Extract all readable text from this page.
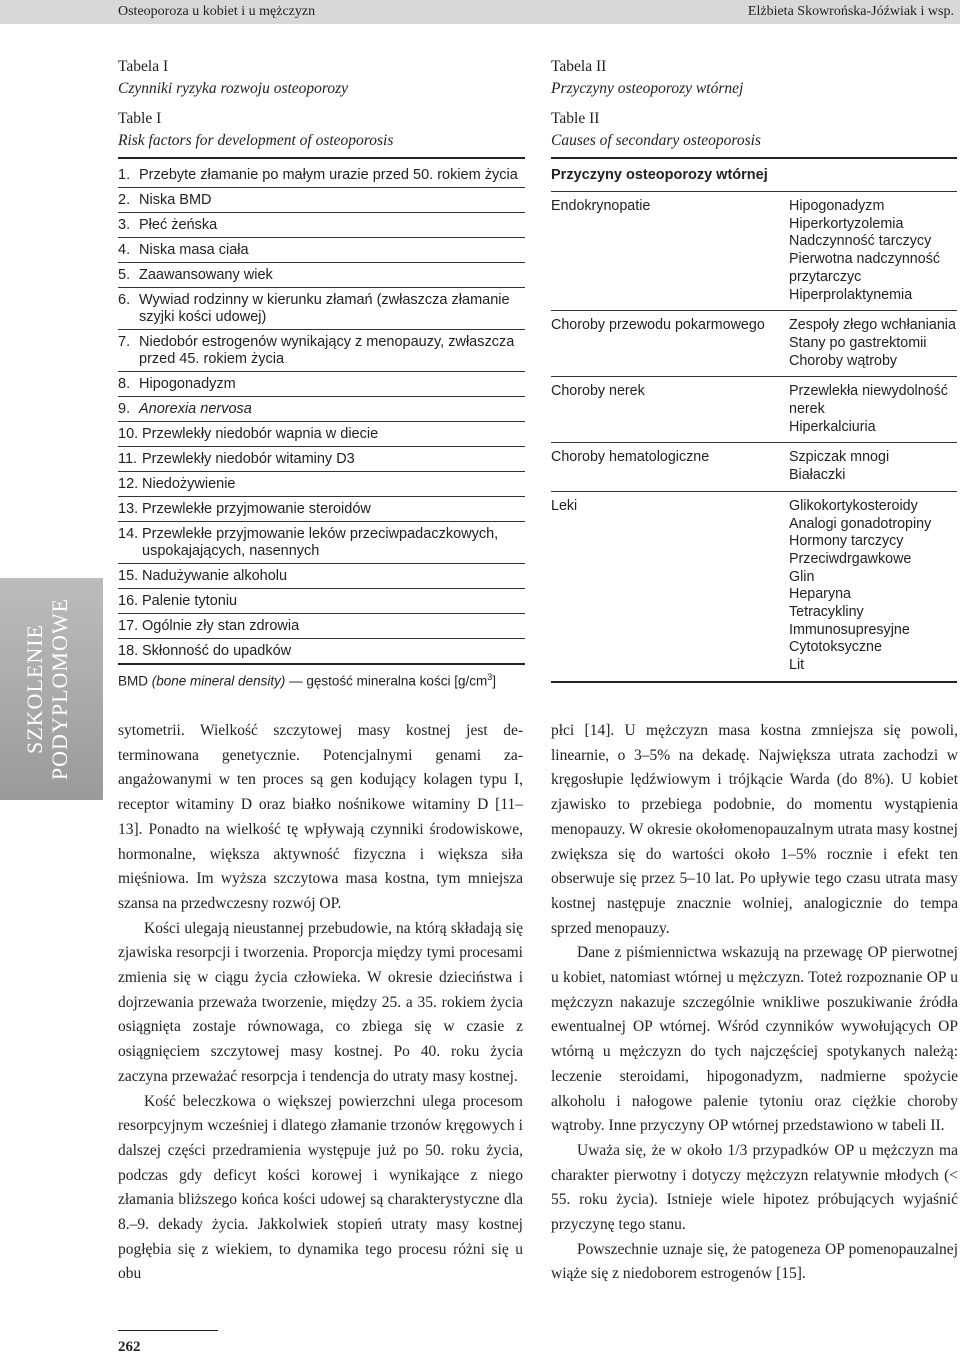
Osteoporoza u kobiet i u mężczyzn	Elżbieta Skowrońska-Jóźwiak i wsp.
Tabela I
Czynniki ryzyka rozwoju osteoporozy
Table I
Risk factors for development of osteoporosis
1. Przebyte złamanie po małym urazie przed 50. rokiem życia
2. Niska BMD
3. Płeć żeńska
4. Niska masa ciała
5. Zaawansowany wiek
6. Wywiad rodzinny w kierunku złamań (zwłaszcza złamanie szyjki kości udowej)
7. Niedobór estrogenów wynikający z menopauzy, zwłaszcza przed 45. rokiem życia
8. Hipogonadyzm
9. Anorexia nervosa
10. Przewlekły niedobór wapnia w diecie
11. Przewlekły niedobór witaminy D3
12. Niedożywienie
13. Przewlekłe przyjmowanie steroidów
14. Przewlekłe przyjmowanie leków przeciwpadaczkowych, uspokajających, nasennych
15. Nadużywanie alkoholu
16. Palenie tytoniu
17. Ogólnie zły stan zdrowia
18. Skłonność do upadków
BMD (bone mineral density) — gęstość mineralna kości $[g/cm^3]$
Tabela II
Przyczyny osteoporozy wtórnej
Table II
Causes of secondary osteoporosis
Przyczyny osteoporozy wtórnej
Endokrynopatie	Hipogonadyzm
Hiperkortyzolemia
Nadczynność tarczycy
Pierwotna nadczynność przytarczyc
Hiperprolaktynemia
Choroby przewodu pokarmowego	Zespoły złego wchłaniania
Stany po gastrektomii
Choroby wątroby
Choroby nerek	Przewlekła niewydolność nerek
Hiperkalciuria
Choroby hematologiczne	Szpiczak mnogi
Białaczki
Leki	Glikokortykosteroidy
Analogi gonadotropiny
Hormony tarczycy
Przeciwdrgawkowe
Glin
Heparyna
Tetracykliny
Immunosupresyjne
Cytotoksyczne
Lit
SZKOLENIE PODYPLOMOWE	sytometrii. Wielkość szczytowej masy kostnej jest determinowana genetycznie. Potencjalnymi genami zaangażowanymi w ten proces są gen kodujący kolagen typu I, receptor witaminy D oraz białko nośnikowe witaminy D [11–13]. Ponadto na wielkość tę wpływają czynniki środowiskowe, hormonalne, większa aktywność fizyczna i większa siła mięśniowa. Im wyższa szczytowa masa kostna, tym mniejsza szansa na przedwczesny rozwój OP.

Kości ulegają nieustannej przebudowie, na którą składają się zjawiska resorpcji i tworzenia. Proporcja między tymi procesami zmienia się w ciągu życia człowieka. W okresie dzieciństwa i dojrzewania przeważa tworzenie, między 25. a 35. rokiem życia osiągnięta zostaje równowaga, co zbiega się w czasie z osiągnięciem szczytowej masy kostnej. Po 40. roku życia zaczyna przeważać resorpcja i tendencja do utraty masy kostnej.

Kość beleczkowa o większej powierzchni ulega procesom resorpcyjnym wcześniej i dlatego złamanie trzonów kręgowych i dalszej części przedramienia występuje już po 50. roku życia, podczas gdy deficyt kości korowej i wynikające z niego złamania bliższego końca kości udowej są charakterystyczne dla 8.–9. dekady życia. Jakkolwiek stopień utraty masy kostnej pogłębia się z wiekiem, to dynamika tego procesu różni się u obu

płci [14]. U mężczyzn masa kostna zmniejsza się powoli, linearnie, o 3–5% na dekadę. Największa utrata zachodzi w kręgosłupie lędźwiowym i trójkącie Warda (do 8%). U kobiet zjawisko to przebiega podobnie, do momentu wystąpienia menopauzy. W okresie okołomenopauzalnym utrata masy kostnej zwiększa się do wartości około 1–5% rocznie i efekt ten obserwuje się przez 5–10 lat. Po upływie tego czasu utrata masy kostnej następuje znacznie wolniej, analogicznie do tempa sprzed menopauzy.

Dane z piśmiennictwa wskazują na przewagę OP pierwotnej u kobiet, natomiast wtórnej u mężczyzn. Toteż rozpoznanie OP u mężczyzn nakazuje szczególnie wnikliwe poszukiwanie źródła ewentualnej OP wtórnej. Wśród czynników wywołujących OP wtórną u mężczyzn do tych najczęściej spotykanych należą: leczenie steroidami, hipogonadyzm, nadmierne spożycie alkoholu i nałogowe palenie tytoniu oraz ciężkie choroby wątroby. Inne przyczyny OP wtórnej przedstawiono w tabeli II.

Uważa się, że w około 1/3 przypadków OP u mężczyzn ma charakter pierwotny i dotyczy mężczyzn relatywnie młodych (< 55. roku życia). Istnieje wiele hipotez próbujących wyjaśnić przyczynę tego stanu.

Powszechnie uznaje się, że patogeneza OP pomenopauzalnej wiąże się z niedoborem estrogenów [15].

262
